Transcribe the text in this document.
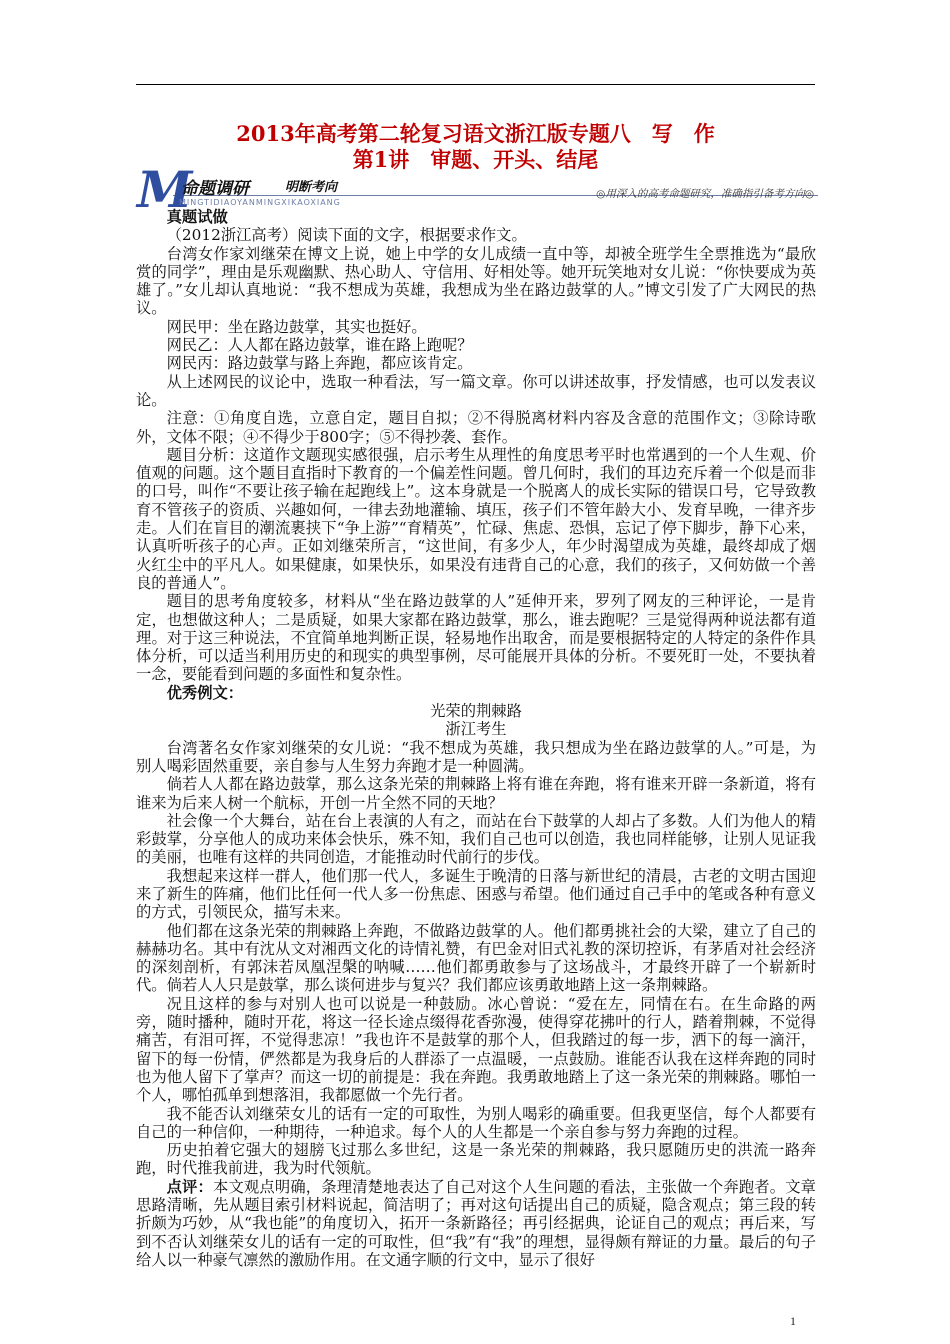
2013年高考第二轮复习语文浙江版专题八　写　作
第1讲　审题、开头、结尾
M
命题调研	明断考向	◎用深入的高考命题研究，准确指引备考方向◎
MINGTIDIAOYANMINGXIKAOXIANG

真题试做

（2012浙江高考）阅读下面的文字，根据要求作文。

台湾女作家刘继荣在博文上说，她上中学的女儿成绩一直中等，却被全班学生全票推选为“最欣赏的同学”，理由是乐观幽默、热心助人、守信用、好相处等。她开玩笑地对女儿说：“你快要成为英雄了。”女儿却认真地说：“我不想成为英雄，我想成为坐在路边鼓掌的人。”博文引发了广大网民的热议。

网民甲：坐在路边鼓掌，其实也挺好。

网民乙：人人都在路边鼓掌，谁在路上跑呢？

网民丙：路边鼓掌与路上奔跑，都应该肯定。

从上述网民的议论中，选取一种看法，写一篇文章。你可以讲述故事，抒发情感，也可以发表议论。

注意：①角度自选，立意自定，题目自拟；②不得脱离材料内容及含意的范围作文；③除诗歌外，文体不限；④不得少于800字；⑤不得抄袭、套作。

题目分析：这道作文题现实感很强，启示考生从理性的角度思考平时也常遇到的一个人生观、价值观的问题。这个题目直指时下教育的一个偏差性问题。曾几何时，我们的耳边充斥着一个似是而非的口号，叫作“不要让孩子输在起跑线上”。这本身就是一个脱离人的成长实际的错误口号，它导致教育不管孩子的资质、兴趣如何，一律去劲地灌输、填压，孩子们不管年龄大小、发育早晚，一律齐步走。人们在盲目的潮流裹挟下“争上游”“育精英”，忙碌、焦虑、恐惧，忘记了停下脚步，静下心来，认真听听孩子的心声。正如刘继荣所言，“这世间，有多少人，年少时渴望成为英雄，最终却成了烟火红尘中的平凡人。如果健康，如果快乐，如果没有违背自己的心意，我们的孩子，又何妨做一个善良的普通人”。

题目的思考角度较多，材料从“坐在路边鼓掌的人”延伸开来，罗列了网友的三种评论，一是肯定，也想做这种人；二是质疑，如果大家都在路边鼓掌，那么，谁去跑呢？三是觉得两种说法都有道理。对于这三种说法，不宜简单地判断正误，轻易地作出取舍，而是要根据特定的人特定的条件作具体分析，可以适当利用历史的和现实的典型事例，尽可能展开具体的分析。不要死盯一处，不要执着一念，要能看到问题的多面性和复杂性。

优秀例文：

光荣的荆棘路

浙江考生

台湾著名女作家刘继荣的女儿说：“我不想成为英雄，我只想成为坐在路边鼓掌的人。”可是，为别人喝彩固然重要，亲自参与人生努力奔跑才是一种圆满。

倘若人人都在路边鼓掌，那么这条光荣的荆棘路上将有谁在奔跑，将有谁来开辟一条新道，将有谁来为后来人树一个航标，开创一片全然不同的天地？

社会像一个大舞台，站在台上表演的人有之，而站在台下鼓掌的人却占了多数。人们为他人的精彩鼓掌，分享他人的成功来体会快乐，殊不知，我们自己也可以创造，我也同样能够，让别人见证我的美丽，也唯有这样的共同创造，才能推动时代前行的步伐。

我想起来这样一群人，他们那一代人，多诞生于晚清的日落与新世纪的清晨，古老的文明古国迎来了新生的阵痛，他们比任何一代人多一份焦虑、困惑与希望。他们通过自己手中的笔或各种有意义的方式，引领民众，描写未来。

他们都在这条光荣的荆棘路上奔跑，不做路边鼓掌的人。他们都勇挑社会的大梁，建立了自己的赫赫功名。其中有沈从文对湘西文化的诗情礼赞，有巴金对旧式礼教的深切控诉，有茅盾对社会经济的深刻剖析，有郭沫若凤凰涅槃的呐喊……他们都勇敢参与了这场战斗，才最终开辟了一个崭新时代。倘若人人只是鼓掌，那么谈何进步与复兴？我们都应该勇敢地踏上这一条荆棘路。

况且这样的参与对别人也可以说是一种鼓励。冰心曾说：“爱在左，同情在右。在生命路的两旁，随时播种，随时开花，将这一径长途点缀得花香弥漫，使得穿花拂叶的行人，踏着荆棘，不觉得痛苦，有泪可挥，不觉得悲凉！”我也许不是鼓掌的那个人，但我踏过的每一步，洒下的每一滴汗，留下的每一份情，俨然都是为我身后的人群添了一点温暖，一点鼓励。谁能否认我在这样奔跑的同时也为他人留下了掌声？而这一切的前提是：我在奔跑。我勇敢地踏上了这一条光荣的荆棘路。哪怕一个人，哪怕孤单到想落泪，我都愿做一个先行者。

我不能否认刘继荣女儿的话有一定的可取性，为别人喝彩的确重要。但我更坚信，每个人都要有自己的一种信仰，一种期待，一种追求。每个人的人生都是一个亲自参与努力奔跑的过程。

历史拍着它强大的翅膀飞过那么多世纪，这是一条光荣的荆棘路，我只愿随历史的洪流一路奔跑，时代推我前进，我为时代领航。

点评：本文观点明确，条理清楚地表达了自己对这个人生问题的看法，主张做一个奔跑者。文章思路清晰，先从题目索引材料说起，简洁明了；再对这句话提出自己的质疑，隐含观点；第三段的转折颇为巧妙，从“我也能”的角度切入，拓开一条新路径；再引经据典，论证自己的观点；再后来，写到不否认刘继荣女儿的话有一定的可取性，但“我”有“我”的理想，显得颇有辩证的力量。最后的句子给人以一种豪气凛然的激励作用。在文通字顺的行文中，显示了很好

1
